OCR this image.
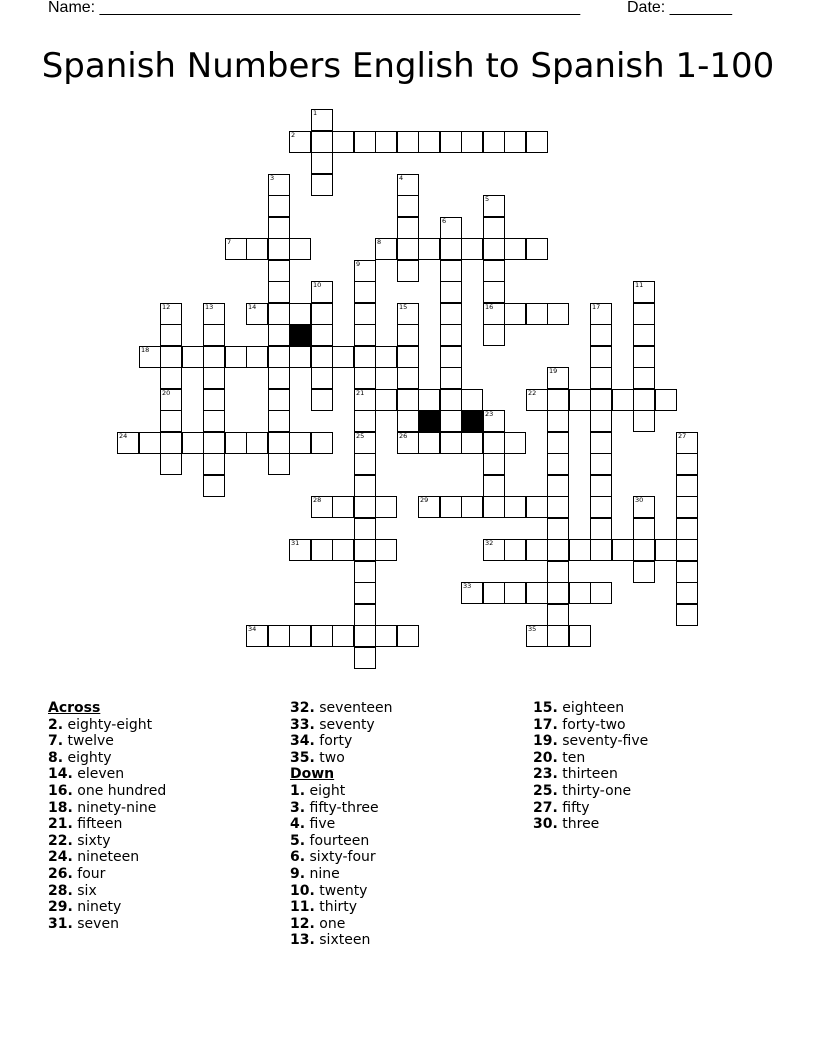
Name: ______________________________________________________	Date: _______
Spanish Numbers English to Spanish 1-100
1
2
3	4
5
16
6
7	8
9
21
10	11
12
20
13	14	15
26
17
18
19
22
23
24	25	27
28	29	30
31	32
33
34	35
Across
2. eighty-eight
7. twelve
8. eighty
14. eleven
16. one hundred
18. ninety-nine
21. fifteen
22. sixty
24. nineteen
26. four
28. six
29. ninety
31. seven
32. seventeen
33. seventy
34. forty
35. two
Down
1. eight
3. fifty-three
4. five
5. fourteen
6. sixty-four
9. nine
10. twenty
11. thirty
12. one
13. sixteen
15. eighteen
17. forty-two
19. seventy-five
20. ten
23. thirteen
25. thirty-one
27. fifty
30. three
